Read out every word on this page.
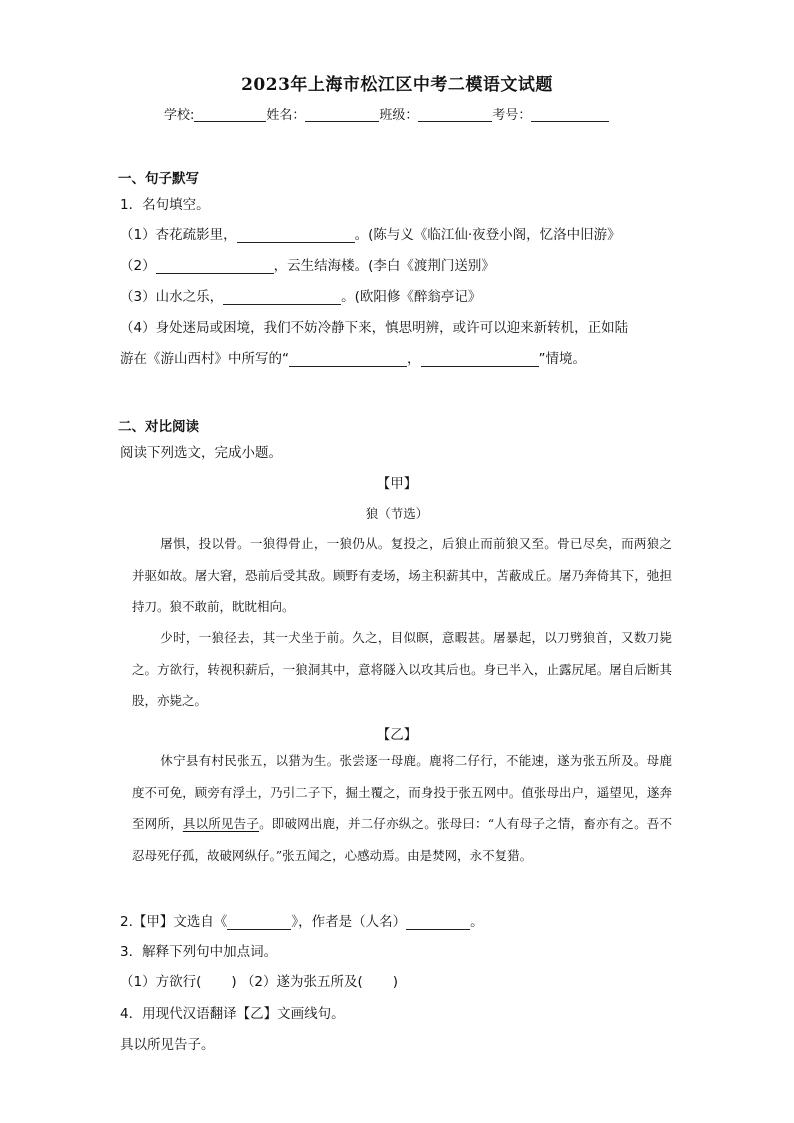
2023年上海市松江区中考二模语文试题
学校:	姓名：	班级：	考号：
一、句子默写
1．名句填空。
（1）杏花疏影里，	。(陈与义《临江仙·夜登小阁，忆洛中旧游》
（2）	，云生结海楼。(李白《渡荆门送别》
（3）山水之乐，	。(欧阳修《醉翁亭记》
（4）身处迷局或困境，我们不妨冷静下来，慎思明辨，或许可以迎来新转机，正如陆
游在《游山西村》中所写的“	，	”情境。
二、对比阅读
阅读下列选文，完成小题。
【甲】
狼（节选）

屠惧，投以骨。一狼得骨止，一狼仍从。复投之，后狼止而前狼又至。骨已尽矣，而两狼之并驱如故。屠大窘，恐前后受其敌。顾野有麦场，场主积薪其中，苫蔽成丘。屠乃奔倚其下，弛担持刀。狼不敢前，眈眈相向。

少时，一狼径去，其一犬坐于前。久之，目似瞑，意暇甚。屠暴起，以刀劈狼首，又数刀毙之。方欲行，转视积薪后，一狼洞其中，意将隧入以攻其后也。身已半入，止露尻尾。屠自后断其股，亦毙之。

【乙】

休宁县有村民张五，以猎为生。张尝逐一母鹿。鹿将二仔行，不能速，遂为张五所及。母鹿度不可免，顾旁有浮土，乃引二子下，掘土覆之，而身投于张五网中。值张母出户，遥望见，遂奔至网所，具以所见告子。即破网出鹿，并二仔亦纵之。张母曰：“人有母子之情，畜亦有之。吾不忍母死仔孤，故破网纵仔。”张五闻之，心感动焉。由是焚网，永不复猎。

2.【甲】文选自《	》，作者是（人名）	。
3．解释下列句中加点词。
（1）方欲行( ) （2）遂为张五所及( )
4．用现代汉语翻译【乙】文画线句。
具以所见告子。
